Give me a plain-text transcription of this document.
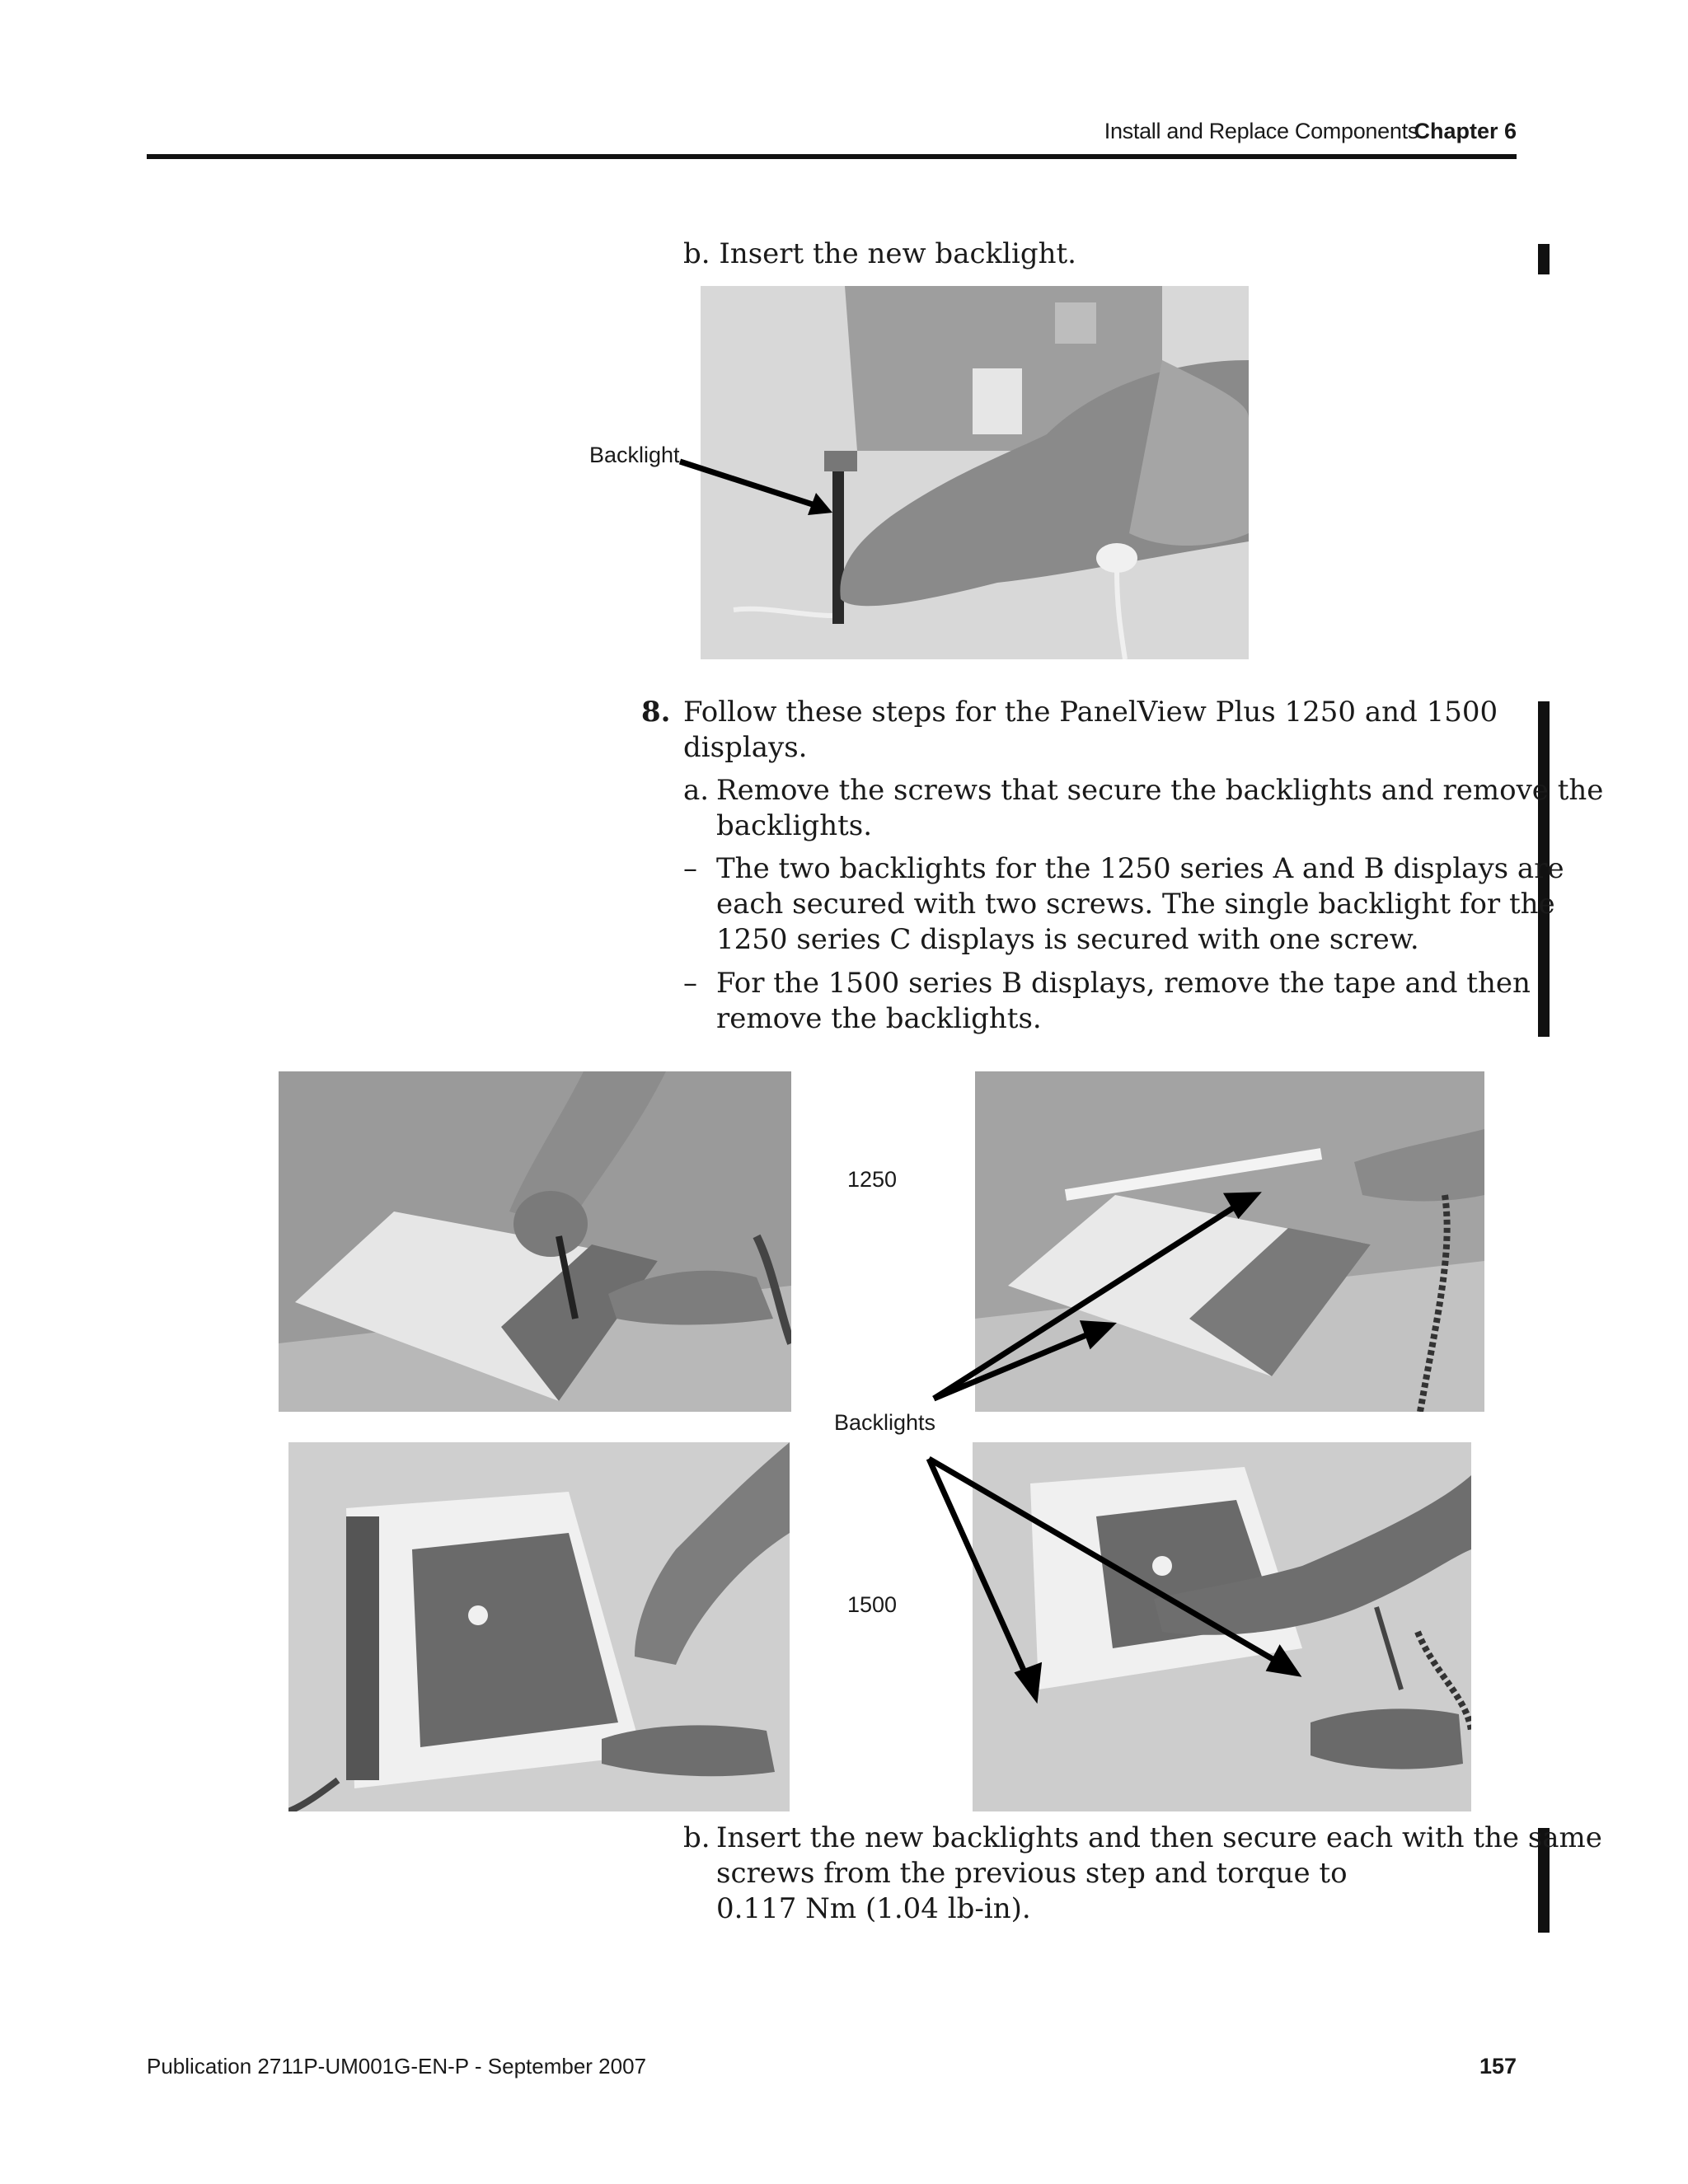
Install and Replace Components
Chapter 6
b. Insert the new backlight.
Backlight
8. Follow these steps for the PanelView Plus 1250 and 1500
displays.
a. Remove the screws that secure the backlights and remove the
backlights.
– The two backlights for the 1250 series A and B displays are
each secured with two screws. The single backlight for the
1250 series C displays is secured with one screw.
– For the 1500 series B displays, remove the tape and then
remove the backlights.
1250
Backlights
1500
b. Insert the new backlights and then secure each with the same
screws from the previous step and torque to
0.117 Nm (1.04 lb-in).
Publication 2711P-UM001G-EN-P - September 2007	157
